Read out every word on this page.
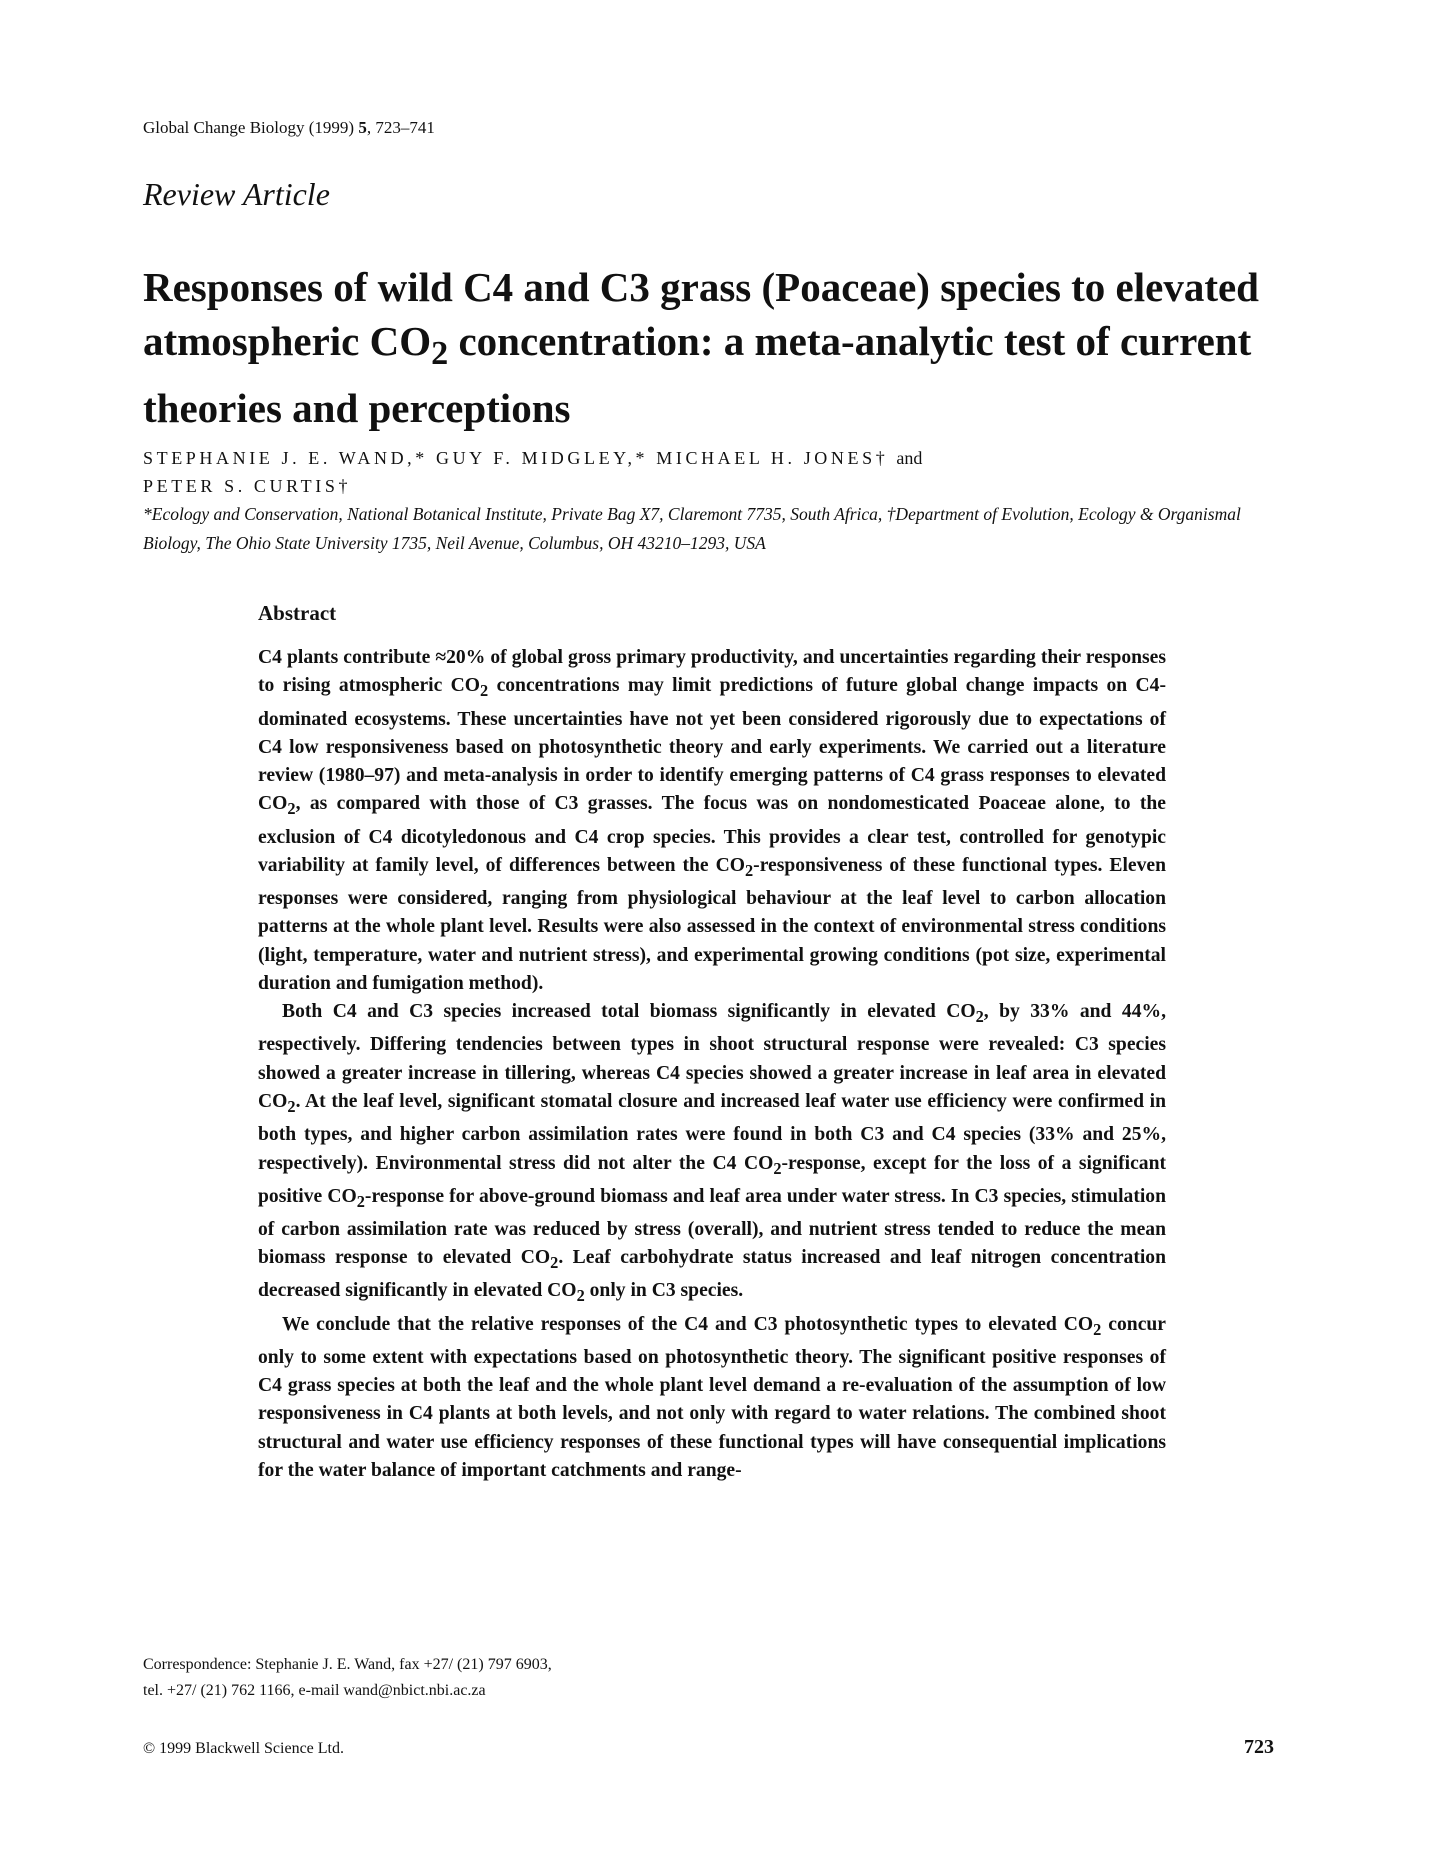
Global Change Biology (1999) 5, 723–741
Review Article
Responses of wild C4 and C3 grass (Poaceae) species to elevated atmospheric $CO_2$ concentration: a meta-analytic test of current theories and perceptions
STEPHANIE J. E. WAND,* GUY F. MIDGLEY,* MICHAEL H. JONES† and
PETER S. CURTIS†
*Ecology and Conservation, National Botanical Institute, Private Bag X7, Claremont 7735, South Africa, †Department of Evolution, Ecology & Organismal Biology, The Ohio State University 1735, Neil Avenue, Columbus, OH 43210–1293, USA
Abstract

C4 plants contribute ≈20% of global gross primary productivity, and uncertainties regarding their responses to rising atmospheric $CO_2$ concentrations may limit predictions of future global change impacts on C4-dominated ecosystems. These uncertainties have not yet been considered rigorously due to expectations of C4 low responsiveness based on photosynthetic theory and early experiments. We carried out a literature review (1980–97) and meta-analysis in order to identify emerging patterns of C4 grass responses to elevated $CO_2$, as compared with those of C3 grasses. The focus was on nondomesticated Poaceae alone, to the exclusion of C4 dicotyledonous and C4 crop species. This provides a clear test, controlled for genotypic variability at family level, of differences between the $CO_2$-responsiveness of these functional types. Eleven responses were considered, ranging from physiological behaviour at the leaf level to carbon allocation patterns at the whole plant level. Results were also assessed in the context of environmental stress conditions (light, temperature, water and nutrient stress), and experimental growing conditions (pot size, experimental duration and fumigation method).

Both C4 and C3 species increased total biomass significantly in elevated $CO_2$, by 33% and 44%, respectively. Differing tendencies between types in shoot structural response were revealed: C3 species showed a greater increase in tillering, whereas C4 species showed a greater increase in leaf area in elevated $CO_2$. At the leaf level, significant stomatal closure and increased leaf water use efficiency were confirmed in both types, and higher carbon assimilation rates were found in both C3 and C4 species (33% and 25%, respectively). Environmental stress did not alter the C4 $CO_2$-response, except for the loss of a significant positive $CO_2$-response for above-ground biomass and leaf area under water stress. In C3 species, stimulation of carbon assimilation rate was reduced by stress (overall), and nutrient stress tended to reduce the mean biomass response to elevated $CO_2$. Leaf carbohydrate status increased and leaf nitrogen concentration decreased significantly in elevated $CO_2$ only in C3 species.

We conclude that the relative responses of the C4 and C3 photosynthetic types to elevated $CO_2$ concur only to some extent with expectations based on photosynthetic theory. The significant positive responses of C4 grass species at both the leaf and the whole plant level demand a re-evaluation of the assumption of low responsiveness in C4 plants at both levels, and not only with regard to water relations. The combined shoot structural and water use efficiency responses of these functional types will have consequential implications for the water balance of important catchments and range-

Correspondence: Stephanie J. E. Wand, fax +27/ (21) 797 6903,
tel. +27/ (21) 762 1166, e-mail wand@nbict.nbi.ac.za
© 1999 Blackwell Science Ltd.	723
